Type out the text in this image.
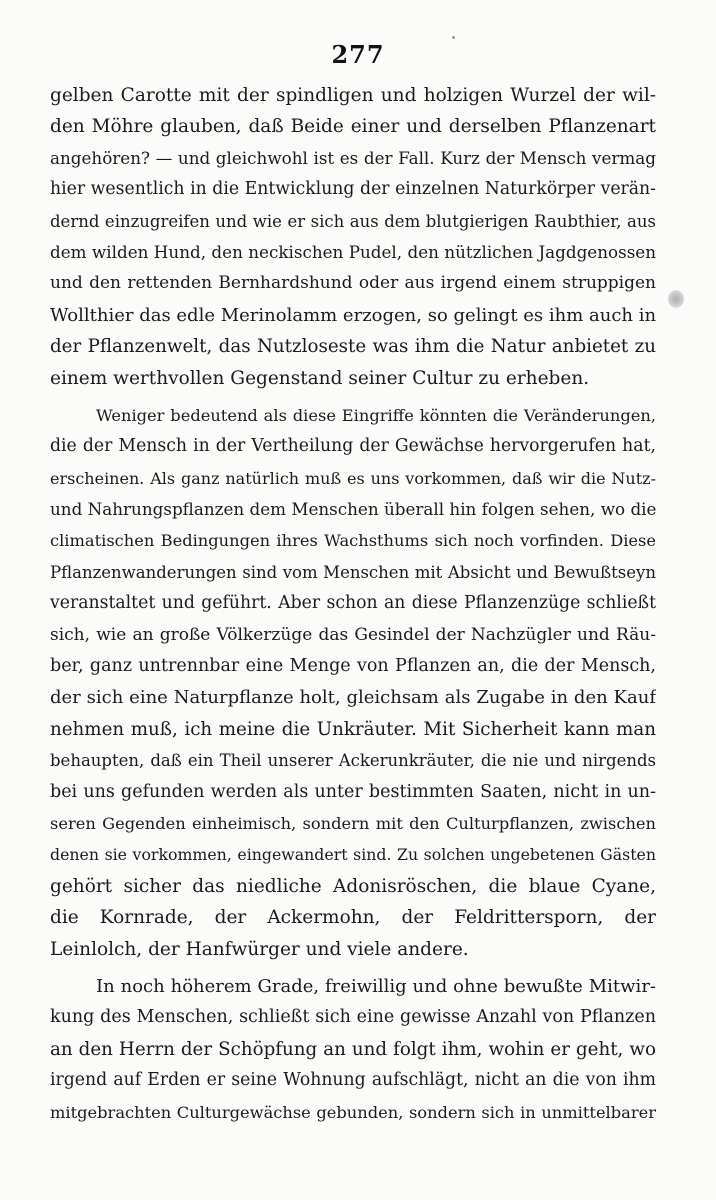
277
gelben Carotte mit der spindligen und holzigen Wurzel der wil-
den Möhre glauben, daß Beide einer und derselben Pflanzenart
angehören? — und gleichwohl ist es der Fall. Kurz der Mensch vermag
hier wesentlich in die Entwicklung der einzelnen Naturkörper verän-
dernd einzugreifen und wie er sich aus dem blutgierigen Raubthier, aus
dem wilden Hund, den neckischen Pudel, den nützlichen Jagdgenossen
und den rettenden Bernhardshund oder aus irgend einem struppigen
Wollthier das edle Merinolamm erzogen, so gelingt es ihm auch in
der Pflanzenwelt, das Nutzloseste was ihm die Natur anbietet zu
einem werthvollen Gegenstand seiner Cultur zu erheben.
Weniger bedeutend als diese Eingriffe könnten die Veränderungen,
die der Mensch in der Vertheilung der Gewächse hervorgerufen hat,
erscheinen. Als ganz natürlich muß es uns vorkommen, daß wir die Nutz-
und Nahrungspflanzen dem Menschen überall hin folgen sehen, wo die
climatischen Bedingungen ihres Wachsthums sich noch vorfinden. Diese
Pflanzenwanderungen sind vom Menschen mit Absicht und Bewußtseyn
veranstaltet und geführt. Aber schon an diese Pflanzenzüge schließt
sich, wie an große Völkerzüge das Gesindel der Nachzügler und Räu-
ber, ganz untrennbar eine Menge von Pflanzen an, die der Mensch,
der sich eine Naturpflanze holt, gleichsam als Zugabe in den Kauf
nehmen muß, ich meine die Unkräuter. Mit Sicherheit kann man
behaupten, daß ein Theil unserer Ackerunkräuter, die nie und nirgends
bei uns gefunden werden als unter bestimmten Saaten, nicht in un-
seren Gegenden einheimisch, sondern mit den Culturpflanzen, zwischen
denen sie vorkommen, eingewandert sind. Zu solchen ungebetenen Gästen
gehört sicher das niedliche Adonisröschen, die blaue Cyane,
die Kornrade, der Ackermohn, der Feldrittersporn, der
Leinlolch, der Hanfwürger und viele andere.
In noch höherem Grade, freiwillig und ohne bewußte Mitwir-
kung des Menschen, schließt sich eine gewisse Anzahl von Pflanzen
an den Herrn der Schöpfung an und folgt ihm, wohin er geht, wo
irgend auf Erden er seine Wohnung aufschlägt, nicht an die von ihm
mitgebrachten Culturgewächse gebunden, sondern sich in unmittelbarer
